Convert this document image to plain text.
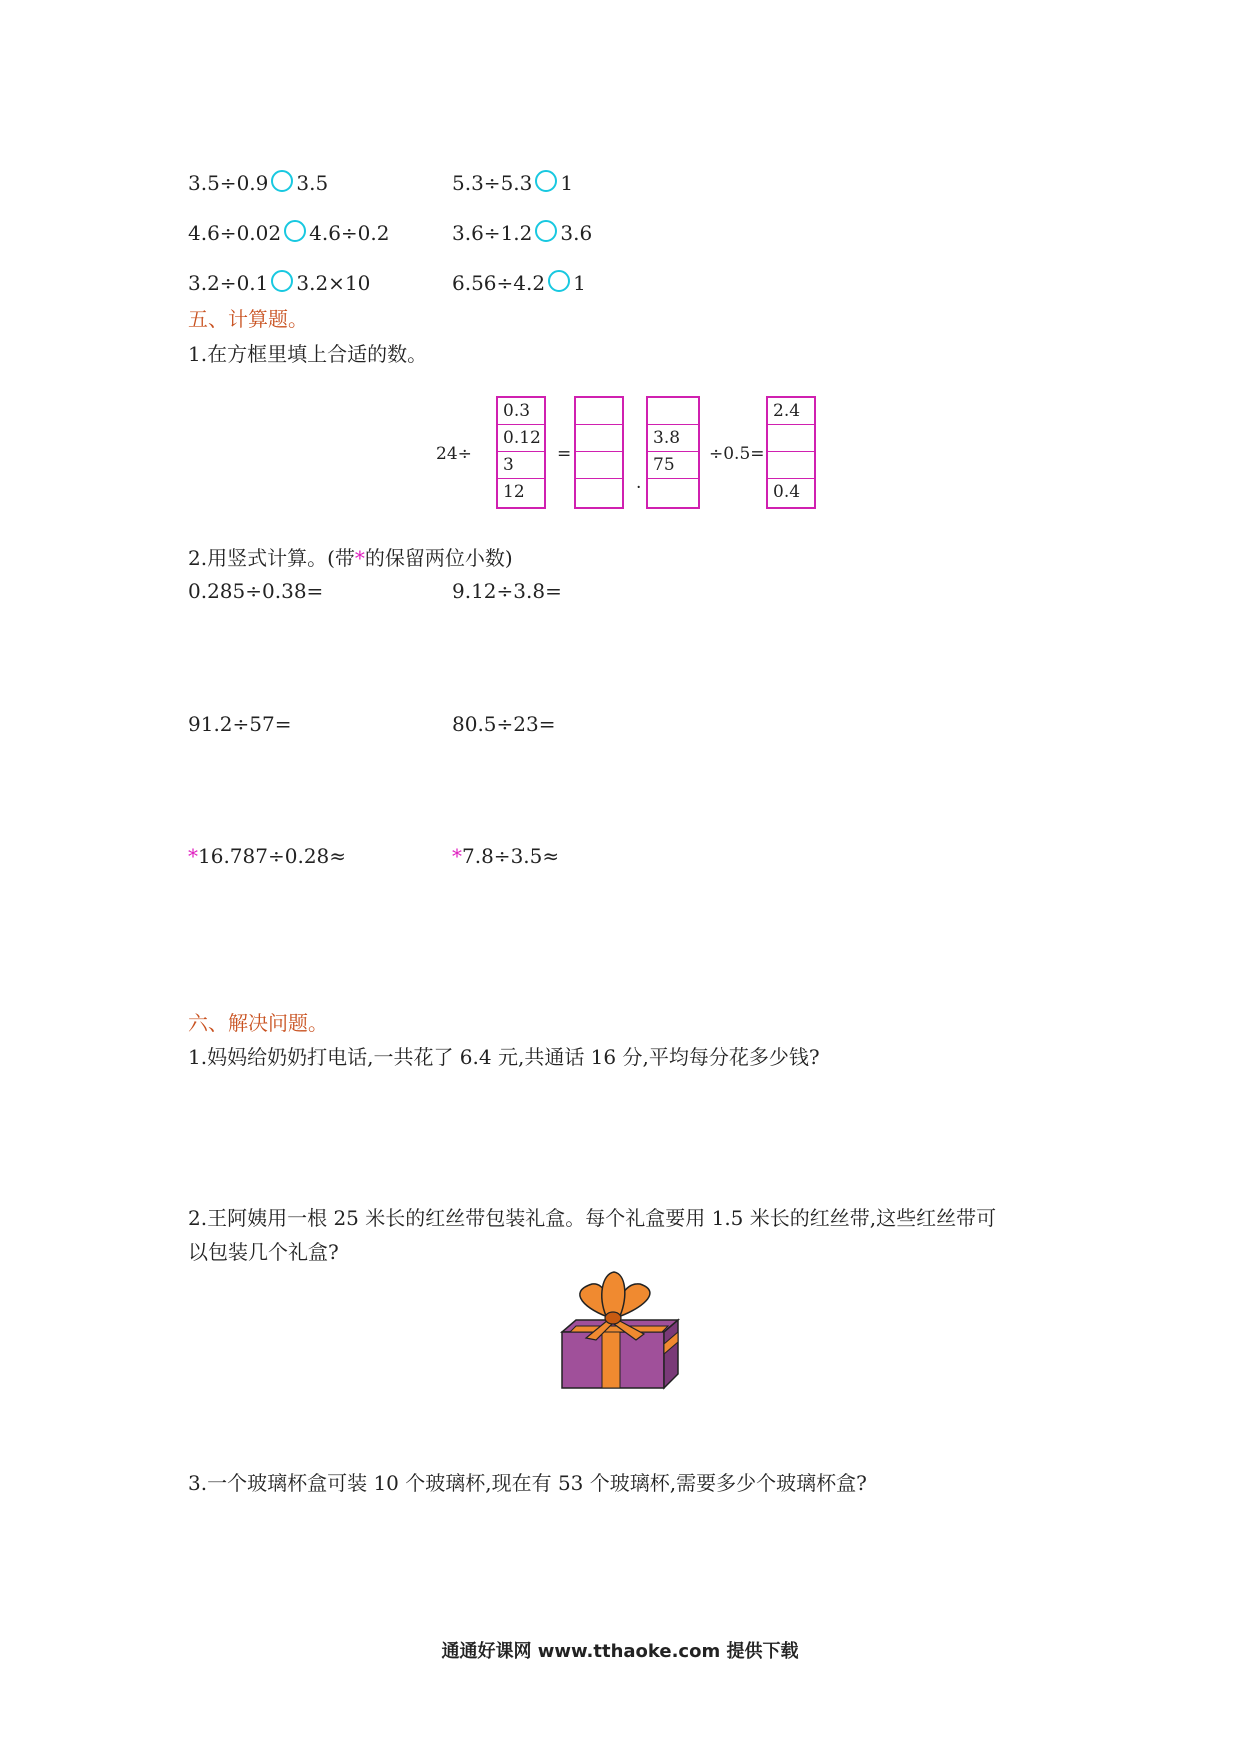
3.5÷0.9 3.5	5.3÷5.3 1
4.6÷0.02 4.6÷0.2	3.6÷1.2 3.6
3.2÷0.1 3.2×10	6.56÷4.2 1
五、计算题。
1.在方框里填上合适的数。
24÷
0.3
0.12
3
12
=
·
3.8
75
÷0.5=
2.4
0.4
2.用竖式计算。(带*的保留两位小数)
0.285÷0.38=	9.12÷3.8=
91.2÷57=	80.5÷23=
*16.787÷0.28≈	*7.8÷3.5≈
六、解决问题。
1.妈妈给奶奶打电话,一共花了 6.4 元,共通话 16 分,平均每分花多少钱?
2.王阿姨用一根 25 米长的红丝带包装礼盒。每个礼盒要用 1.5 米长的红丝带,这些红丝带可
以包装几个礼盒?
3.一个玻璃杯盒可装 10 个玻璃杯,现在有 53 个玻璃杯,需要多少个玻璃杯盒?
通通好课网 www.tthaoke.com 提供下载
